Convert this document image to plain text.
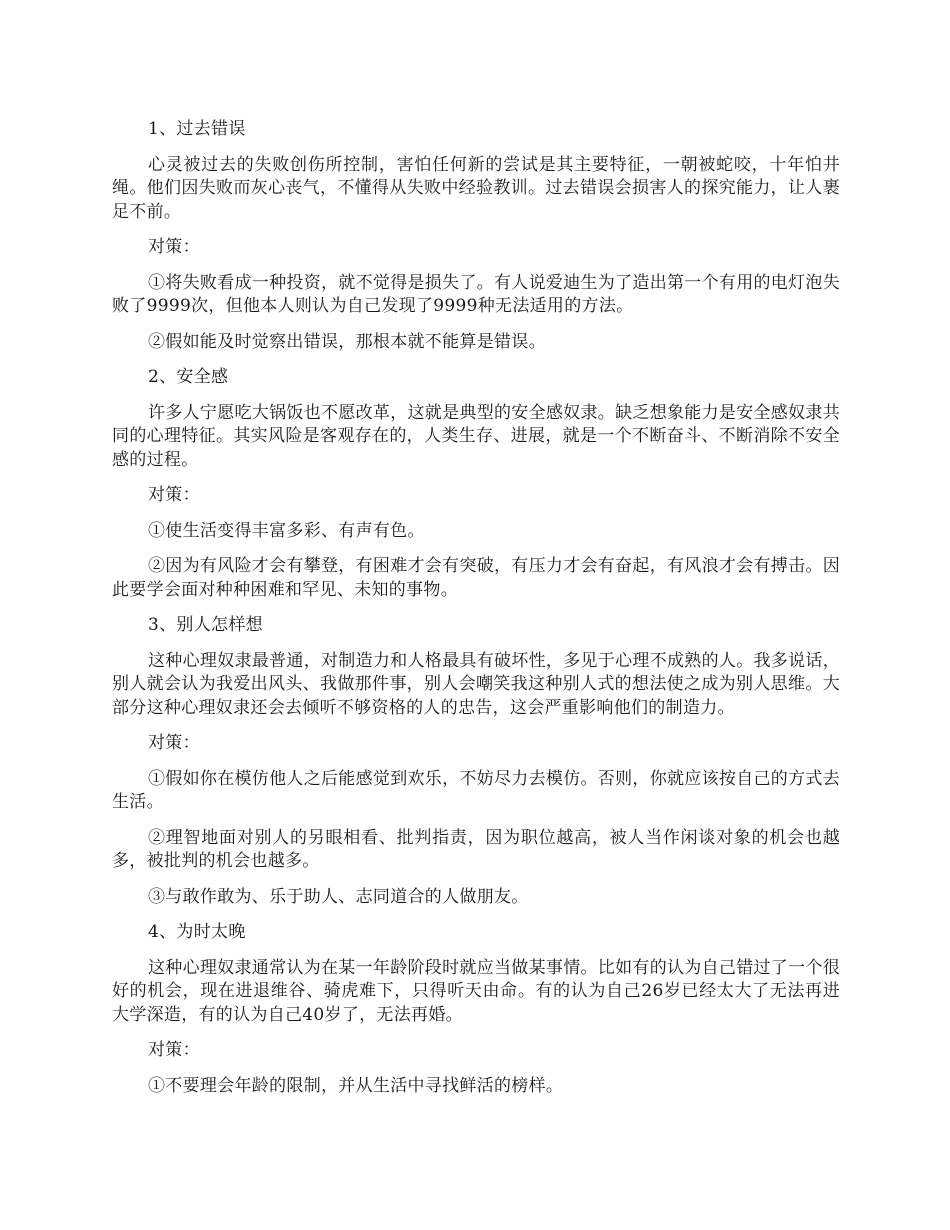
1、过去错误

心灵被过去的失败创伤所控制，害怕任何新的尝试是其主要特征，一朝被蛇咬，十年怕井绳。他们因失败而灰心丧气，不懂得从失败中经验教训。过去错误会损害人的探究能力，让人裹足不前。

对策：

①将失败看成一种投资，就不觉得是损失了。有人说爱迪生为了造出第一个有用的电灯泡失败了9999次，但他本人则认为自己发现了9999种无法适用的方法。

②假如能及时觉察出错误，那根本就不能算是错误。

2、安全感

许多人宁愿吃大锅饭也不愿改革，这就是典型的安全感奴隶。缺乏想象能力是安全感奴隶共同的心理特征。其实风险是客观存在的，人类生存、进展，就是一个不断奋斗、不断消除不安全感的过程。

对策：

①使生活变得丰富多彩、有声有色。

②因为有风险才会有攀登，有困难才会有突破，有压力才会有奋起，有风浪才会有搏击。因此要学会面对种种困难和罕见、未知的事物。

3、别人怎样想

这种心理奴隶最普通，对制造力和人格最具有破坏性，多见于心理不成熟的人。我多说话，别人就会认为我爱出风头、我做那件事，别人会嘲笑我这种别人式的想法使之成为别人思维。大部分这种心理奴隶还会去倾听不够资格的人的忠告，这会严重影响他们的制造力。

对策：

①假如你在模仿他人之后能感觉到欢乐，不妨尽力去模仿。否则，你就应该按自己的方式去生活。

②理智地面对别人的另眼相看、批判指责，因为职位越高，被人当作闲谈对象的机会也越多，被批判的机会也越多。

③与敢作敢为、乐于助人、志同道合的人做朋友。

4、为时太晚

这种心理奴隶通常认为在某一年龄阶段时就应当做某事情。比如有的认为自己错过了一个很好的机会，现在进退维谷、骑虎难下，只得听天由命。有的认为自己26岁已经太大了无法再进大学深造，有的认为自己40岁了，无法再婚。

对策：

①不要理会年龄的限制，并从生活中寻找鲜活的榜样。
